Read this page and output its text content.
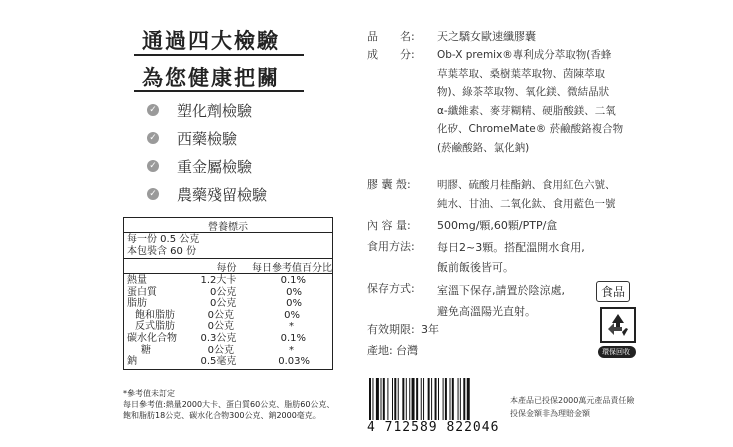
通過四大檢驗
為您健康把關
✓ 塑化劑檢驗
✓ 西藥檢驗
✓ 重金屬檢驗
✓ 農藥殘留檢驗
營養標示
每一份 0.5 公克
本包裝含 60 份
每份	每日參考值百分比
熱量	1.2大卡	0.1%
蛋白質	0公克	0%
脂肪	0公克	0%
飽和脂肪	0公克	0%
反式脂肪	0公克	*
碳水化合物	0.3公克	0.1%
糖	0公克	*
鈉	0.5毫克	0.03%
*參考值未訂定
每日參考值:熱量2000大卡、蛋白質60公克、脂肪60公克、
飽和脂肪18公克、碳水化合物300公克、鈉2000毫克。
品　　名: 天之驕女歐速纖膠囊
成　　分: Ob-X premix®專利成分萃取物(香蜂
草葉萃取、桑樹葉萃取物、茵陳萃取
物)、綠茶萃取物、氧化鎂、微結晶狀
α-纖維素、麥芽糊精、硬脂酸鎂、二氧
化矽、ChromeMate® 菸鹼酸鉻複合物
(菸鹼酸鉻、氯化鈉)
膠 囊 殼:	明膠、硫酸月桂酯鈉、食用紅色六號、
純水、甘油、二氧化鈦、食用藍色一號
內 容 量: 500mg/顆,60顆/PTP/盒
食用方法: 每日2~3顆。搭配溫開水食用,
飯前飯後皆可。
保存方式: 室溫下保存,請置於陰涼處,
避免高溫陽光直射。
有效期限: 3年
產地: 台灣
食品
環保回收
4 712589 822046
本產品已投保2000萬元產品責任險
投保金額非為理賠金額
